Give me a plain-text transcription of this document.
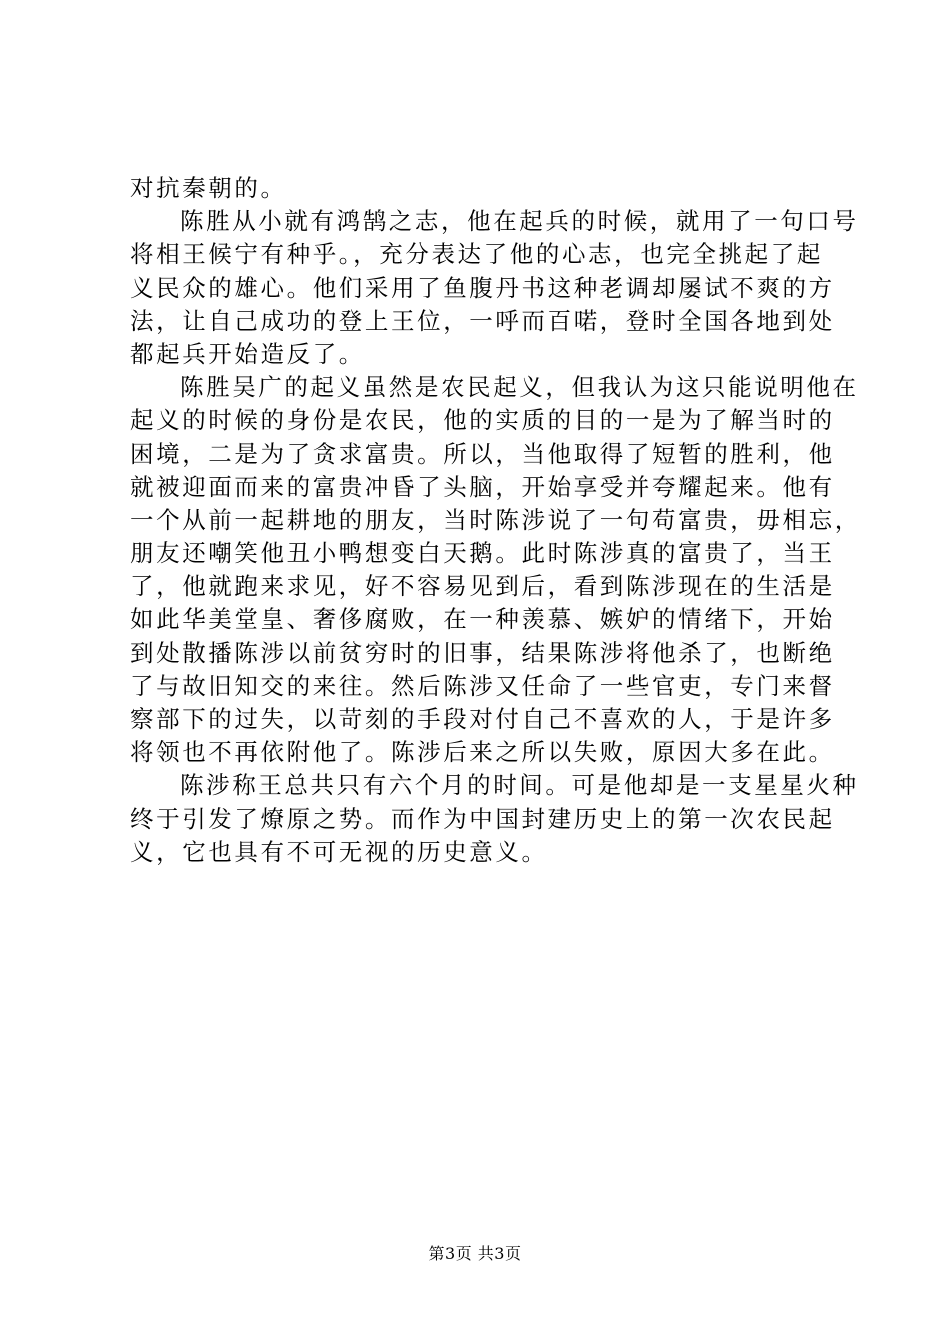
对抗秦朝的。
陈胜从小就有鸿鹄之志，他在起兵的时候，就用了一句口号
将相王候宁有种乎。，充分表达了他的心志，也完全挑起了起
义民众的雄心。他们采用了鱼腹丹书这种老调却屡试不爽的方
法，让自己成功的登上王位，一呼而百喏，登时全国各地到处
都起兵开始造反了。
陈胜吴广的起义虽然是农民起义，但我认为这只能说明他在
起义的时候的身份是农民，他的实质的目的一是为了解当时的
困境，二是为了贪求富贵。所以，当他取得了短暂的胜利，他
就被迎面而来的富贵冲昏了头脑，开始享受并夸耀起来。他有
一个从前一起耕地的朋友，当时陈涉说了一句苟富贵，毋相忘，
朋友还嘲笑他丑小鸭想变白天鹅。此时陈涉真的富贵了，当王
了，他就跑来求见，好不容易见到后，看到陈涉现在的生活是
如此华美堂皇、奢侈腐败，在一种羡慕、嫉妒的情绪下，开始
到处散播陈涉以前贫穷时的旧事，结果陈涉将他杀了，也断绝
了与故旧知交的来往。然后陈涉又任命了一些官吏，专门来督
察部下的过失，以苛刻的手段对付自己不喜欢的人，于是许多
将领也不再依附他了。陈涉后来之所以失败，原因大多在此。
陈涉称王总共只有六个月的时间。可是他却是一支星星火种
终于引发了燎原之势。而作为中国封建历史上的第一次农民起
义，它也具有不可无视的历史意义。
第3页 共3页
